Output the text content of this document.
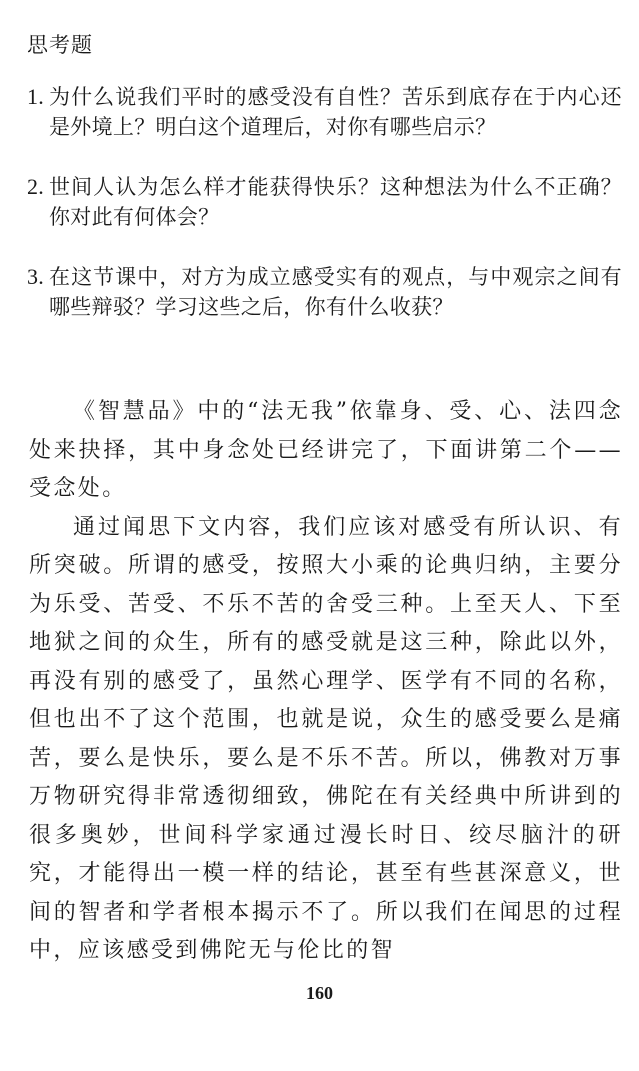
思考题
1. 为什么说我们平时的感受没有自性？苦乐到底存在于内心还是外境上？明白这个道理后，对你有哪些启示？
2. 世间人认为怎么样才能获得快乐？这种想法为什么不正确？你对此有何体会？
3. 在这节课中，对方为成立感受实有的观点，与中观宗之间有哪些辩驳？学习这些之后，你有什么收获？

《智慧品》中的“法无我”依靠身、受、心、法四念处来抉择，其中身念处已经讲完了，下面讲第二个——受念处。

通过闻思下文内容，我们应该对感受有所认识、有所突破。所谓的感受，按照大小乘的论典归纳，主要分为乐受、苦受、不乐不苦的舍受三种。上至天人、下至地狱之间的众生，所有的感受就是这三种，除此以外，再没有别的感受了，虽然心理学、医学有不同的名称，但也出不了这个范围，也就是说，众生的感受要么是痛苦，要么是快乐，要么是不乐不苦。所以，佛教对万事万物研究得非常透彻细致，佛陀在有关经典中所讲到的很多奥妙，世间科学家通过漫长时日、绞尽脑汁的研究，才能得出一模一样的结论，甚至有些甚深意义，世间的智者和学者根本揭示不了。所以我们在闻思的过程中，应该感受到佛陀无与伦比的智

160
